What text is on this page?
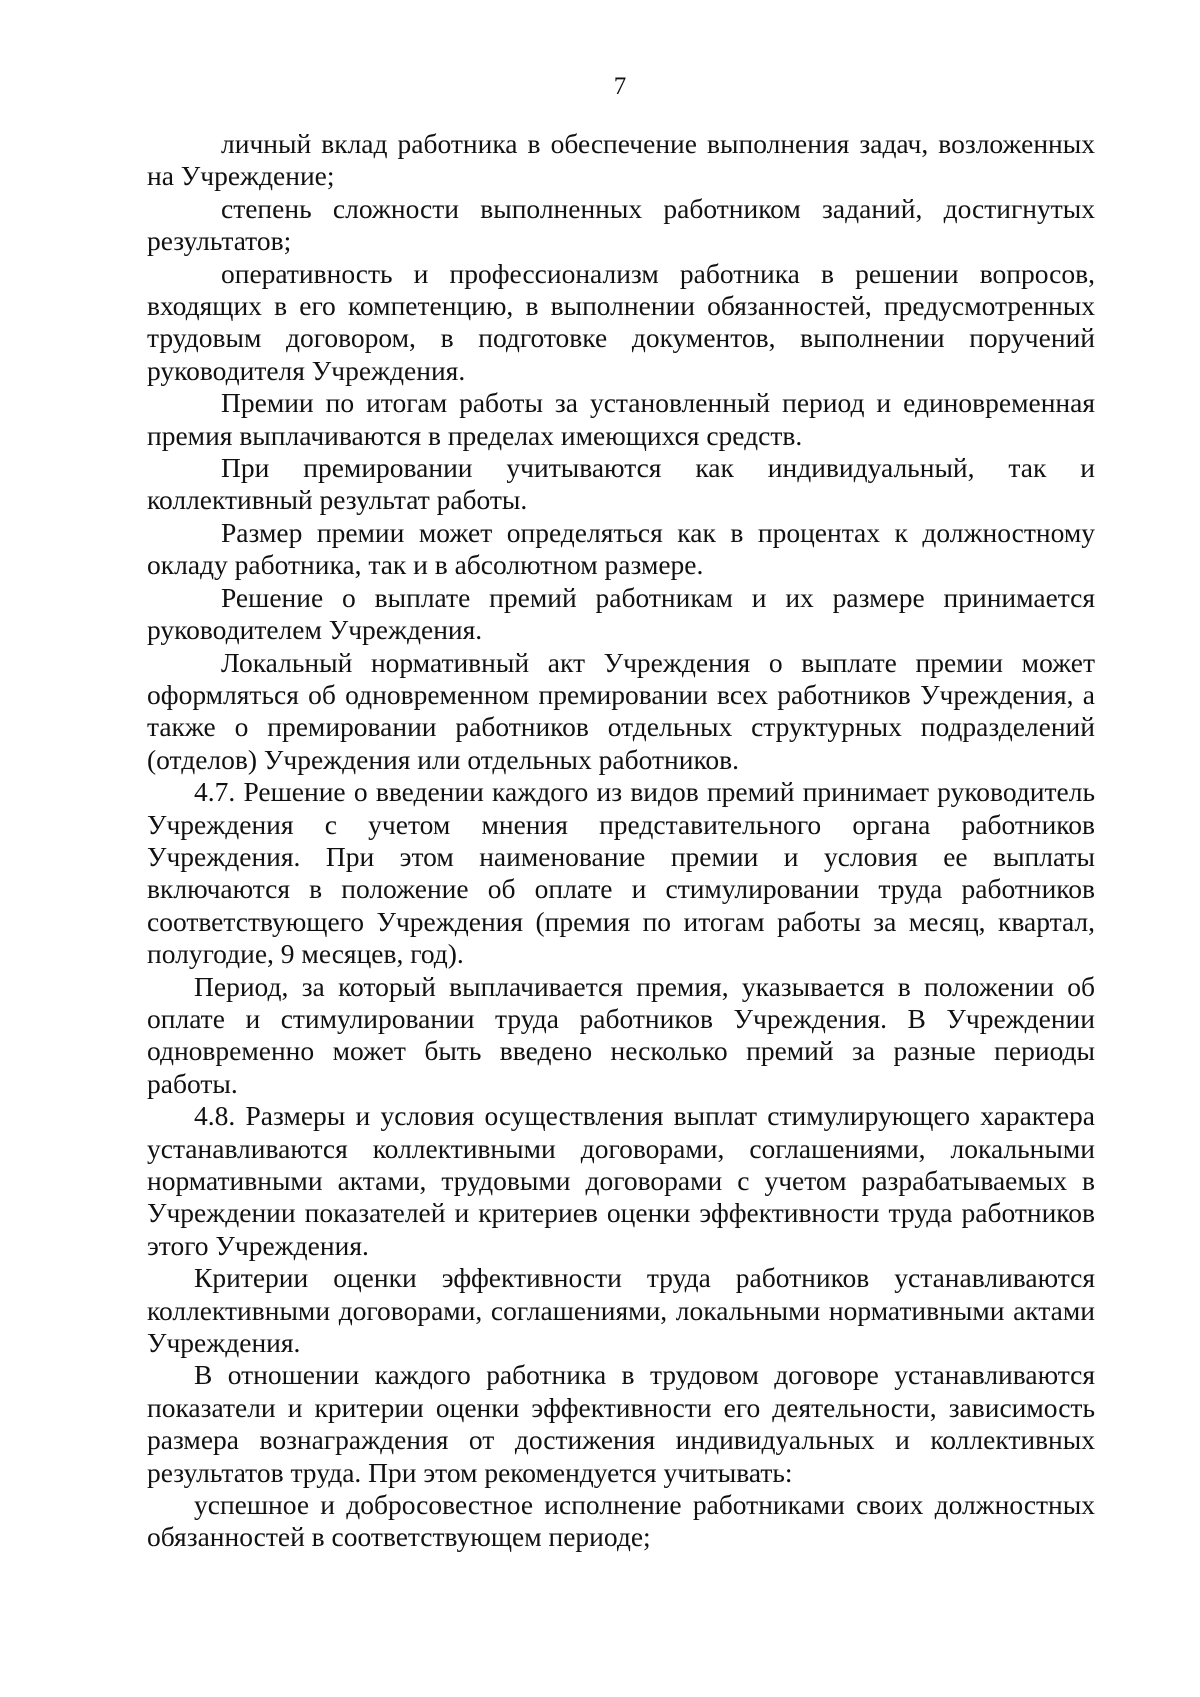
7

личный вклад работника в обеспечение выполнения задач, возложенных на Учреждение;

степень сложности выполненных работником заданий, достигнутых результатов;

оперативность и профессионализм работника в решении вопросов, входящих в его компетенцию, в выполнении обязанностей, предусмотренных трудовым договором, в подготовке документов, выполнении поручений руководителя Учреждения.

Премии по итогам работы за установленный период и единовременная премия выплачиваются в пределах имеющихся средств.

При премировании учитываются как индивидуальный, так и коллективный результат работы.

Размер премии может определяться как в процентах к должностному окладу работника, так и в абсолютном размере.

Решение о выплате премий работникам и их размере принимается руководителем Учреждения.

Локальный нормативный акт Учреждения о выплате премии может оформляться об одновременном премировании всех работников Учреждения, а также о премировании работников отдельных структурных подразделений (отделов) Учреждения или отдельных работников.

4.7. Решение о введении каждого из видов премий принимает руководитель Учреждения с учетом мнения представительного органа работников Учреждения. При этом наименование премии и условия ее выплаты включаются в положение об оплате и стимулировании труда работников соответствующего Учреждения (премия по итогам работы за месяц, квартал, полугодие, 9 месяцев, год).

Период, за который выплачивается премия, указывается в положении об оплате и стимулировании труда работников Учреждения. В Учреждении одновременно может быть введено несколько премий за разные периоды работы.

4.8. Размеры и условия осуществления выплат стимулирующего характера устанавливаются коллективными договорами, соглашениями, локальными нормативными актами, трудовыми договорами с учетом разрабатываемых в Учреждении показателей и критериев оценки эффективности труда работников этого Учреждения.

Критерии оценки эффективности труда работников устанавливаются коллективными договорами, соглашениями, локальными нормативными актами Учреждения.

В отношении каждого работника в трудовом договоре устанавливаются показатели и критерии оценки эффективности его деятельности, зависимость размера вознаграждения от достижения индивидуальных и коллективных результатов труда. При этом рекомендуется учитывать:

успешное и добросовестное исполнение работниками своих должностных обязанностей в соответствующем периоде;
